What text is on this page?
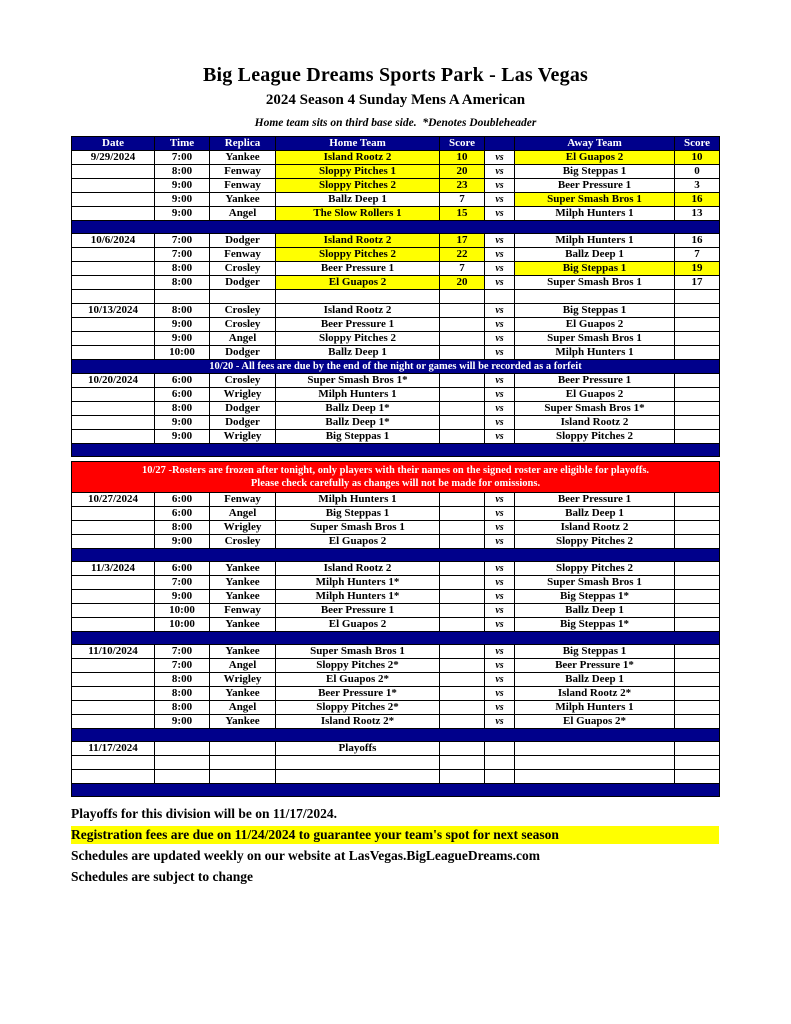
Big League Dreams Sports Park - Las Vegas
2024 Season 4 Sunday Mens A American
Home team sits on third base side.  *Denotes Doubleheader
Date	Time	Replica	Home Team	Score		Away Team	Score
9/29/2024	7:00	Yankee	Island Rootz 2	10	vs	El Guapos 2	10
	8:00	Fenway	Sloppy Pitches 1	20	vs	Big Steppas 1	0
	9:00	Fenway	Sloppy Pitches 2	23	vs	Beer Pressure 1	3
	9:00	Yankee	Ballz Deep 1	7	vs	Super Smash Bros 1	16
	9:00	Angel	The Slow Rollers 1	15	vs	Milph Hunters 1	13

10/6/2024	7:00	Dodger	Island Rootz 2	17	vs	Milph Hunters 1	16
	7:00	Fenway	Sloppy Pitches 2	22	vs	Ballz Deep 1	7
	8:00	Crosley	Beer Pressure 1	7	vs	Big Steppas 1	19
	8:00	Dodger	El Guapos 2	20	vs	Super Smash Bros 1	17

10/13/2024	8:00	Crosley	Island Rootz 2		vs	Big Steppas 1	
	9:00	Crosley	Beer Pressure 1		vs	El Guapos 2	
	9:00	Angel	Sloppy Pitches 2		vs	Super Smash Bros 1	
	10:00	Dodger	Ballz Deep 1		vs	Milph Hunters 1	
10/20 - All fees are due by the end of the night or games will be recorded as a forfeit							
10/20/2024	6:00	Crosley	Super Smash Bros 1*		vs	Beer Pressure 1	
	6:00	Wrigley	Milph Hunters 1		vs	El Guapos 2	
	8:00	Dodger	Ballz Deep 1*		vs	Super Smash Bros 1*	
	9:00	Dodger	Ballz Deep 1*		vs	Island Rootz 2	
	9:00	Wrigley	Big Steppas 1		vs	Sloppy Pitches 2	

10/27 -Rosters are frozen after tonight, only players with their names on the signed roster are eligible for playoffs.
Please check carefully as changes will not be made for omissions.							

10/27/2024	6:00	Fenway	Milph Hunters 1		vs	Beer Pressure 1	
	6:00	Angel	Big Steppas 1		vs	Ballz Deep 1	
	8:00	Wrigley	Super Smash Bros 1		vs	Island Rootz 2	
	9:00	Crosley	El Guapos 2		vs	Sloppy Pitches 2	

11/3/2024	6:00	Yankee	Island Rootz 2		vs	Sloppy Pitches 2	
	7:00	Yankee	Milph Hunters 1*		vs	Super Smash Bros 1	
	9:00	Yankee	Milph Hunters 1*		vs	Big Steppas 1*	
	10:00	Fenway	Beer Pressure 1		vs	Ballz Deep 1	
	10:00	Yankee	El Guapos 2		vs	Big Steppas 1*	

11/10/2024	7:00	Yankee	Super Smash Bros 1		vs	Big Steppas 1	
	7:00	Angel	Sloppy Pitches 2*		vs	Beer Pressure 1*	
	8:00	Wrigley	El Guapos 2*		vs	Ballz Deep 1	
	8:00	Yankee	Beer Pressure 1*		vs	Island Rootz 2*	
	8:00	Angel	Sloppy Pitches 2*		vs	Milph Hunters 1	
	9:00	Yankee	Island Rootz 2*		vs	El Guapos 2*	

11/17/2024			Playoffs				

Playoffs for this division will be on 11/17/2024.
Registration fees are due on 11/24/2024 to guarantee your team's spot for next season
Schedules are updated weekly on our website at LasVegas.BigLeagueDreams.com
Schedules are subject to change
